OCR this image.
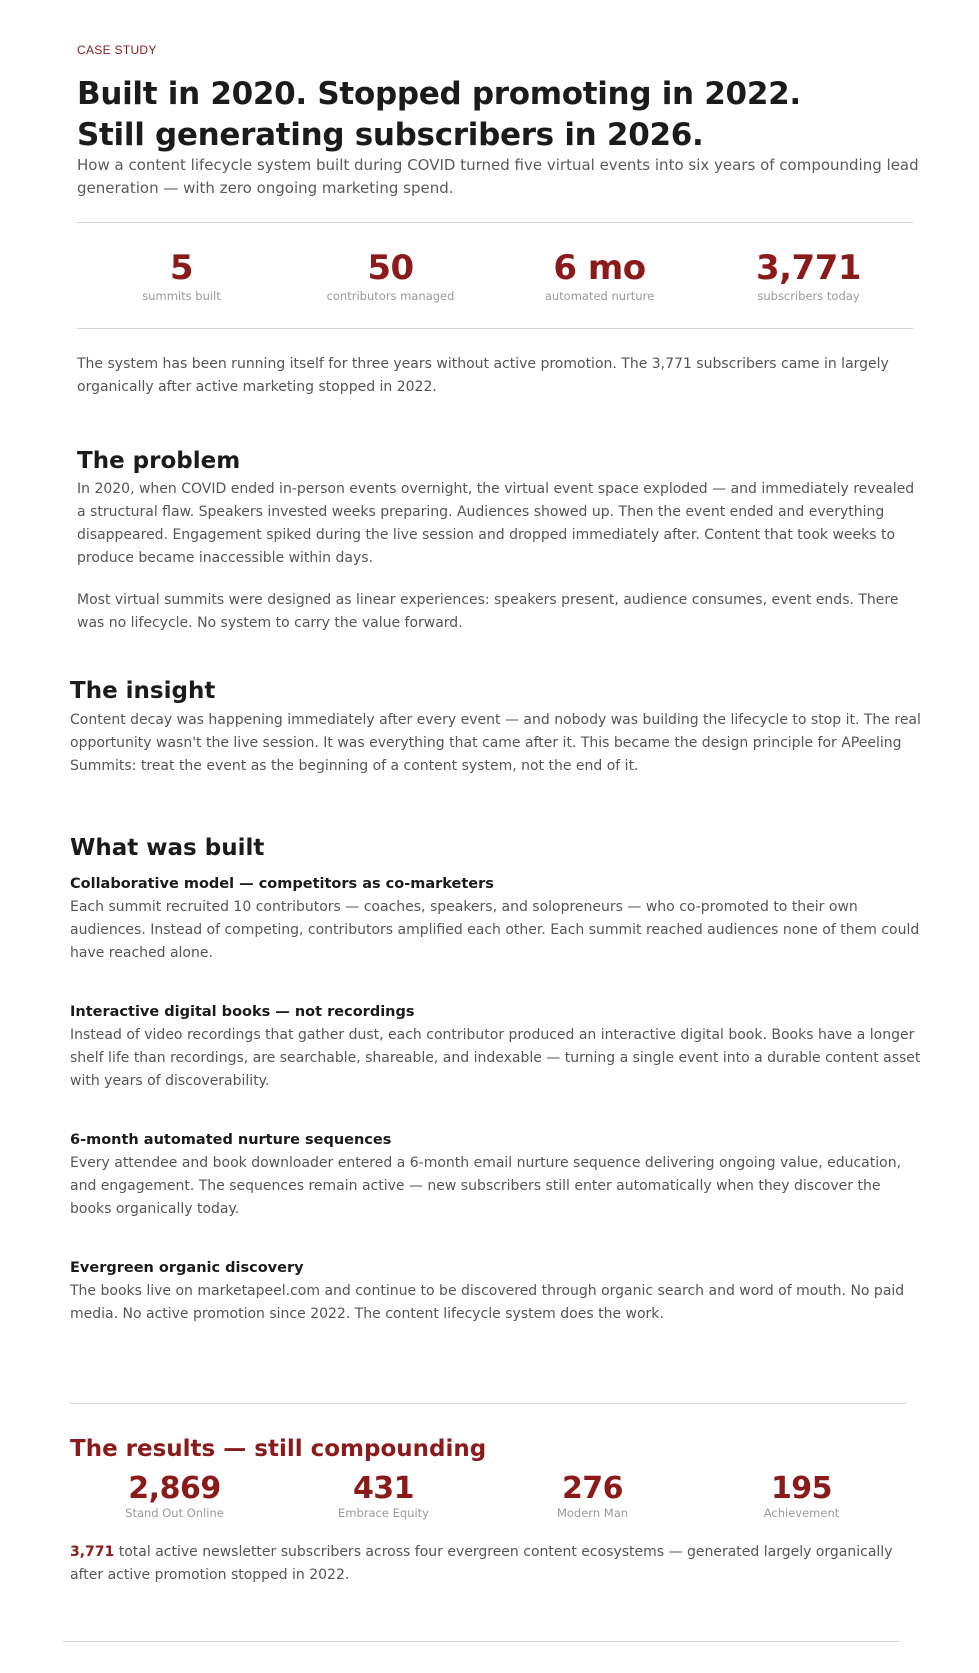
CASE STUDY
Built in 2020. Stopped promoting in 2022.
Still generating subscribers in 2026.

How a content lifecycle system built during COVID turned five virtual events into six years of compounding lead generation — with zero ongoing marketing spend.

5
summits built
50
contributors managed
6 mo
automated nurture
3,771
subscribers today

The system has been running itself for three years without active promotion. The 3,771 subscribers came in largely organically after active marketing stopped in 2022.

The problem

In 2020, when COVID ended in-person events overnight, the virtual event space exploded — and immediately revealed a structural flaw. Speakers invested weeks preparing. Audiences showed up. Then the event ended and everything disappeared. Engagement spiked during the live session and dropped immediately after. Content that took weeks to produce became inaccessible within days.

Most virtual summits were designed as linear experiences: speakers present, audience consumes, event ends. There was no lifecycle. No system to carry the value forward.

The insight

Content decay was happening immediately after every event — and nobody was building the lifecycle to stop it. The real opportunity wasn't the live session. It was everything that came after it. This became the design principle for APeeling Summits: treat the event as the beginning of a content system, not the end of it.

What was built
Collaborative model — competitors as co-marketers

Each summit recruited 10 contributors — coaches, speakers, and solopreneurs — who co-promoted to their own audiences. Instead of competing, contributors amplified each other. Each summit reached audiences none of them could have reached alone.

Interactive digital books — not recordings

Instead of video recordings that gather dust, each contributor produced an interactive digital book. Books have a longer shelf life than recordings, are searchable, shareable, and indexable — turning a single event into a durable content asset with years of discoverability.

6-month automated nurture sequences

Every attendee and book downloader entered a 6-month email nurture sequence delivering ongoing value, education, and engagement. The sequences remain active — new subscribers still enter automatically when they discover the books organically today.

Evergreen organic discovery

The books live on marketapeel.com and continue to be discovered through organic search and word of mouth. No paid media. No active promotion since 2022. The content lifecycle system does the work.

The results — still compounding
2,869
Stand Out Online
431
Embrace Equity
276
Modern Man
195
Achievement

3,771 total active newsletter subscribers across four evergreen content ecosystems — generated largely organically after active promotion stopped in 2022.
